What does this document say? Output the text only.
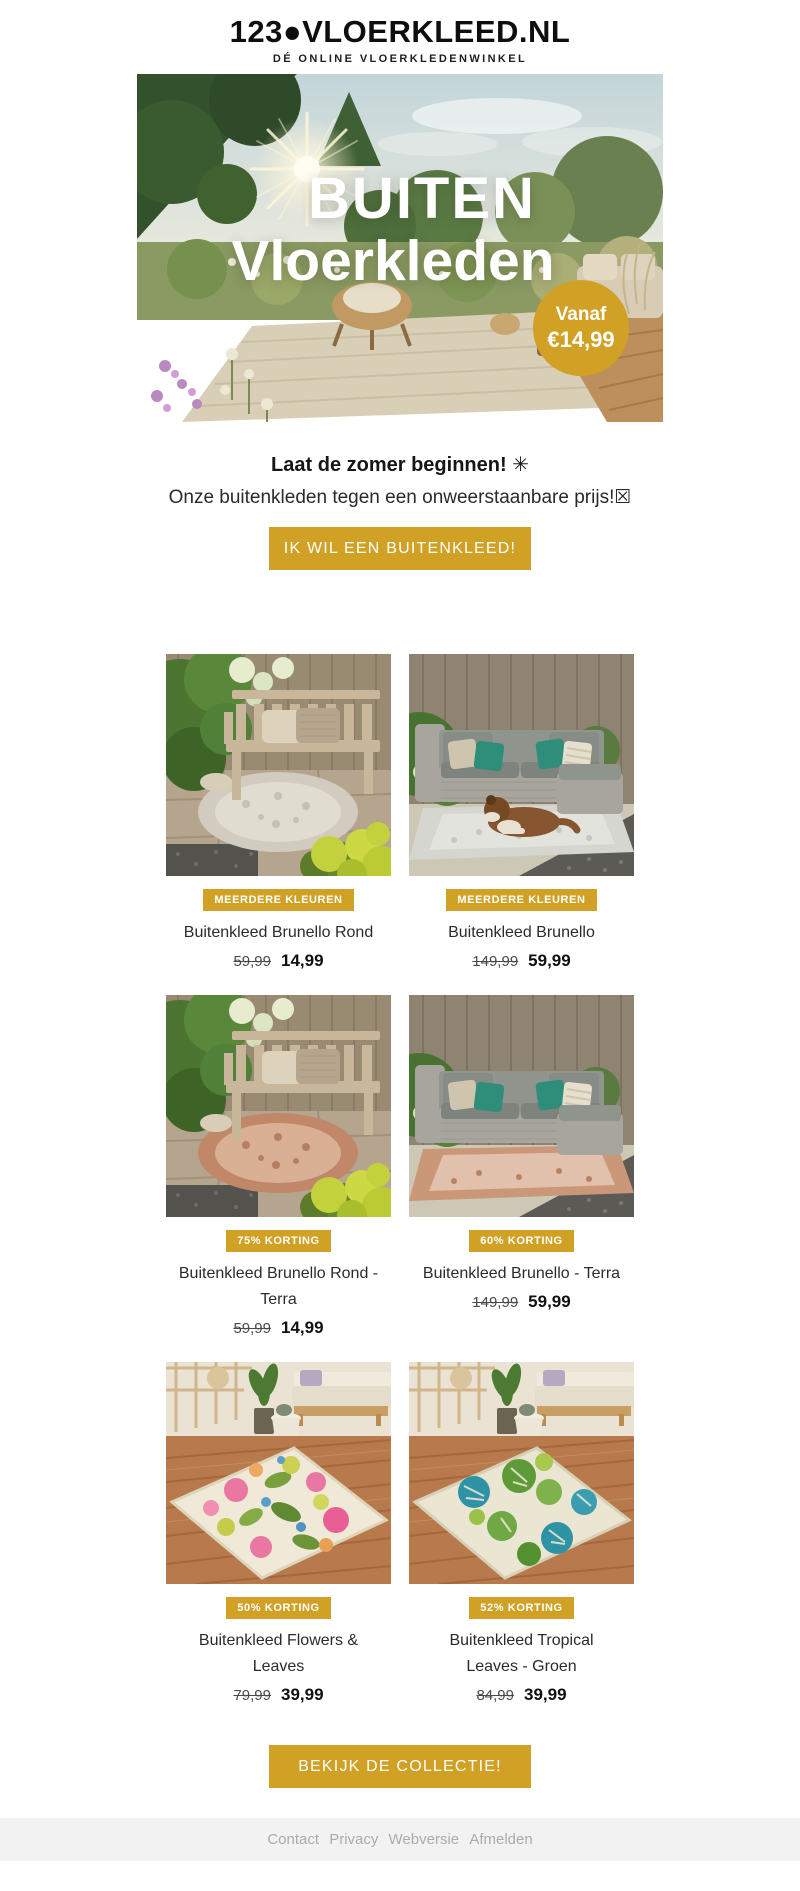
123●VLOERKLEED.NL
DÉ ONLINE VLOERKLEDENWINKEL
BUITEN
Vloerkleden
Vanaf
€14,99
Laat de zomer beginnen! ✳

Onze buitenkleden tegen een onweerstaanbare prijs!☒

IK WIL EEN BUITENKLEED!
MEERDERE KLEUREN
Buitenkleed Brunello Rond
59,99 14,99
MEERDERE KLEUREN
Buitenkleed Brunello
149,99 59,99
75% KORTING
Buitenkleed Brunello Rond - Terra
59,99 14,99
60% KORTING
Buitenkleed Brunello - Terra
149,99 59,99
50% KORTING
Buitenkleed Flowers & Leaves
79,99 39,99
52% KORTING
Buitenkleed Tropical Leaves - Groen
84,99 39,99
BEKIJK DE COLLECTIE!
Contact Privacy Webversie Afmelden
